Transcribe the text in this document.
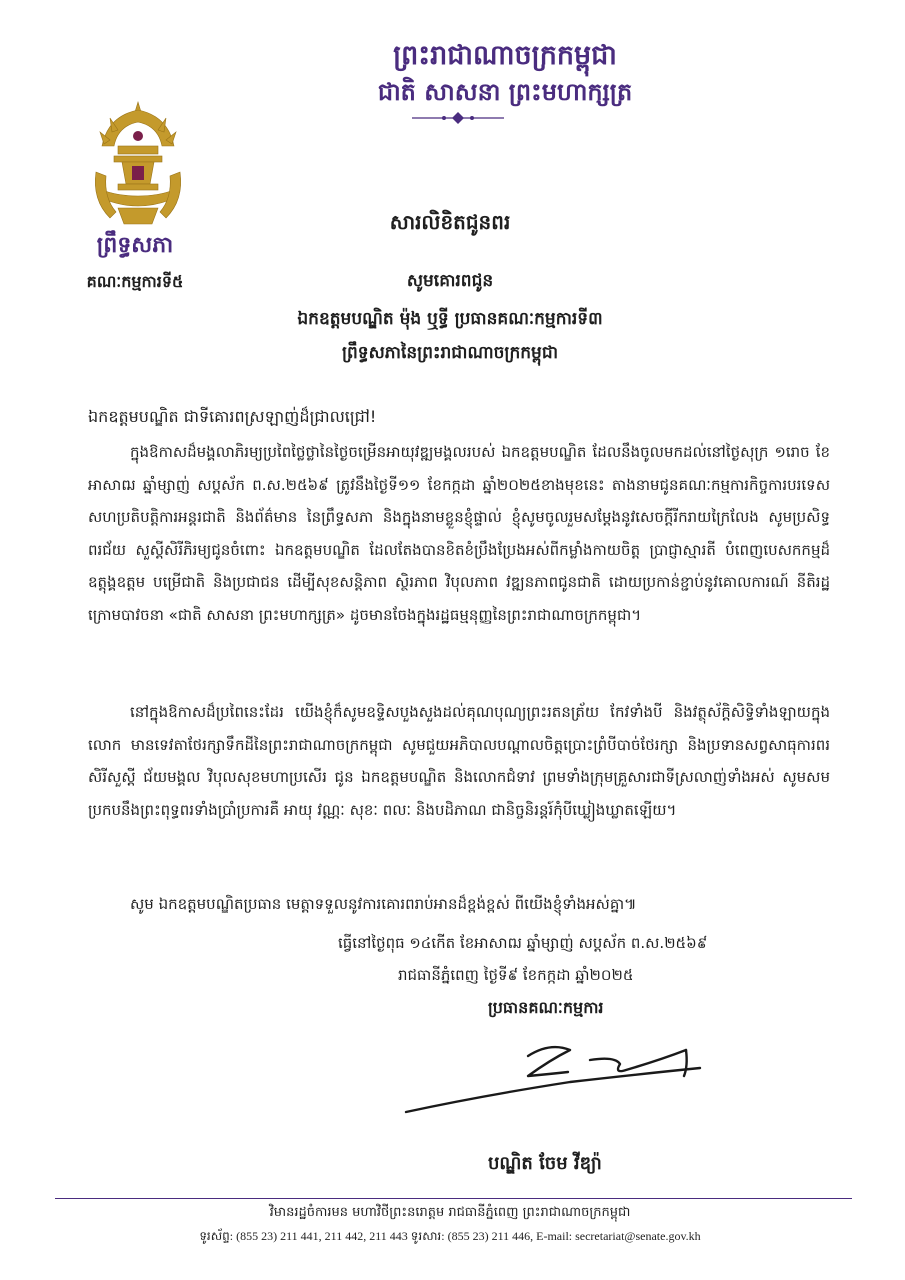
ព្រះរាជាណាចក្រកម្ពុជា
ជាតិ សាសនា ព្រះមហាក្សត្រ
ព្រឹទ្ធសភា
គណៈកម្មការទី៥
សារលិខិតជូនពរ
សូមគោរពជូន
ឯកឧត្តមបណ្ឌិត ម៉ុង ឬទ្ធី ប្រធានគណៈកម្មការទី៣
ព្រឹទ្ធសភានៃព្រះរាជាណាចក្រកម្ពុជា
ឯកឧត្តមបណ្ឌិត ជាទីគោរពស្រឡាញ់ដ៏ជ្រាលជ្រៅ!
ក្នុងឱកាសដ៏មង្គលាភិរម្យប្រពៃថ្លៃថ្លានៃថ្ងៃចម្រើនអាយុវឌ្ឍមង្គលរបស់ ឯកឧត្តមបណ្ឌិត ដែលនឹងចូលមកដល់នៅថ្ងៃសុក្រ ១រោច ខែអាសាឍ ឆ្នាំម្សាញ់ សប្តស័ក ព.ស.២៥៦៩ ត្រូវនឹងថ្ងៃទី១១ ខែកក្កដា ឆ្នាំ២០២៥ខាងមុខនេះ តាងនាមជូនគណៈកម្មការកិច្ចការបរទេស សហប្រតិបត្តិការអន្តរជាតិ និងព័ត៌មាន នៃព្រឹទ្ធសភា និងក្នុងនាមខ្លួនខ្ញុំផ្ទាល់ ខ្ញុំសូមចូលរួមសម្តែងនូវសេចក្តីរីករាយក្រៃលែង សូមប្រសិទ្ធពរជ័យ សួស្តីសិរីភិរម្យជូនចំពោះ ឯកឧត្តមបណ្ឌិត ដែលតែងបានខិតខំប្រឹងប្រែងអស់ពីកម្លាំងកាយចិត្ត ប្រាជ្ញាស្មារតី បំពេញបេសកកម្មដ៏ឧត្តុង្គឧត្តម បម្រើជាតិ និងប្រជាជន ដើម្បីសុខសន្តិភាព ស្ថិរភាព វិបុលភាព វឌ្ឍនភាពជូនជាតិ ដោយប្រកាន់ខ្ជាប់នូវគោលការណ៍ នីតិរដ្ឋ ក្រោមបាវចនា «ជាតិ សាសនា ព្រះមហាក្សត្រ» ដូចមានចែងក្នុងរដ្ឋធម្មនុញ្ញនៃព្រះរាជាណាចក្រកម្ពុជា។
នៅក្នុងឱកាសដ៏ប្រពៃនេះដែរ យើងខ្ញុំក៏សូមឧទ្ទិសបួងសួងដល់គុណបុណ្យព្រះរតនត្រ័យ កែវទាំងបី និងវត្ថុស័ក្តិសិទ្ធិទាំងឡាយក្នុងលោក មានទេវតាថែរក្សាទឹកដីនៃព្រះរាជាណាចក្រកម្ពុជា សូមជួយអភិបាលបណ្តាលចិត្តប្រោះព្រំបីបាច់ថែរក្សា និងប្រទានសព្វសាធុការពរ សិរីសួស្តី ជ័យមង្គល វិបុលសុខមហាប្រសើរ ជូន ឯកឧត្តមបណ្ឌិត និងលោកជំទាវ ព្រមទាំងក្រុមគ្រួសារជាទីស្រលាញ់ទាំងអស់ សូមសមប្រកបនឹងព្រះពុទ្ធពរទាំងប្រាំប្រការគឺ អាយុ វណ្ណៈ សុខៈ ពលៈ និងបដិភាណ ជានិច្ចនិរន្តរ៍កុំបីឃ្លៀងឃ្លាតឡើយ។
សូម ឯកឧត្តមបណ្ឌិតប្រធាន មេត្តាទទួលនូវការគោរពរាប់អានដ៏ខ្ពង់ខ្ពស់ ពីយើងខ្ញុំទាំងអស់គ្នា៕
ធ្វើនៅថ្ងៃពុធ ១៤កើត ខែអាសាឍ ឆ្នាំម្សាញ់ សប្តស័ក ព.ស.២៥៦៩
រាជធានីភ្នំពេញ ថ្ងៃទី៩ ខែកក្កដា ឆ្នាំ២០២៥
ប្រធានគណៈកម្មការ
បណ្ឌិត ចែម វីឌ្យ៉ា
វិមានរដ្ឋចំការមន មហាវិថីព្រះនរោត្តម រាជធានីភ្នំពេញ ព្រះរាជាណាចក្រកម្ពុជា
ទូរស័ព្ទ: (855 23) 211 441, 211 442, 211 443 ទូរសារ: (855 23) 211 446, E-mail: secretariat@senate.gov.kh
